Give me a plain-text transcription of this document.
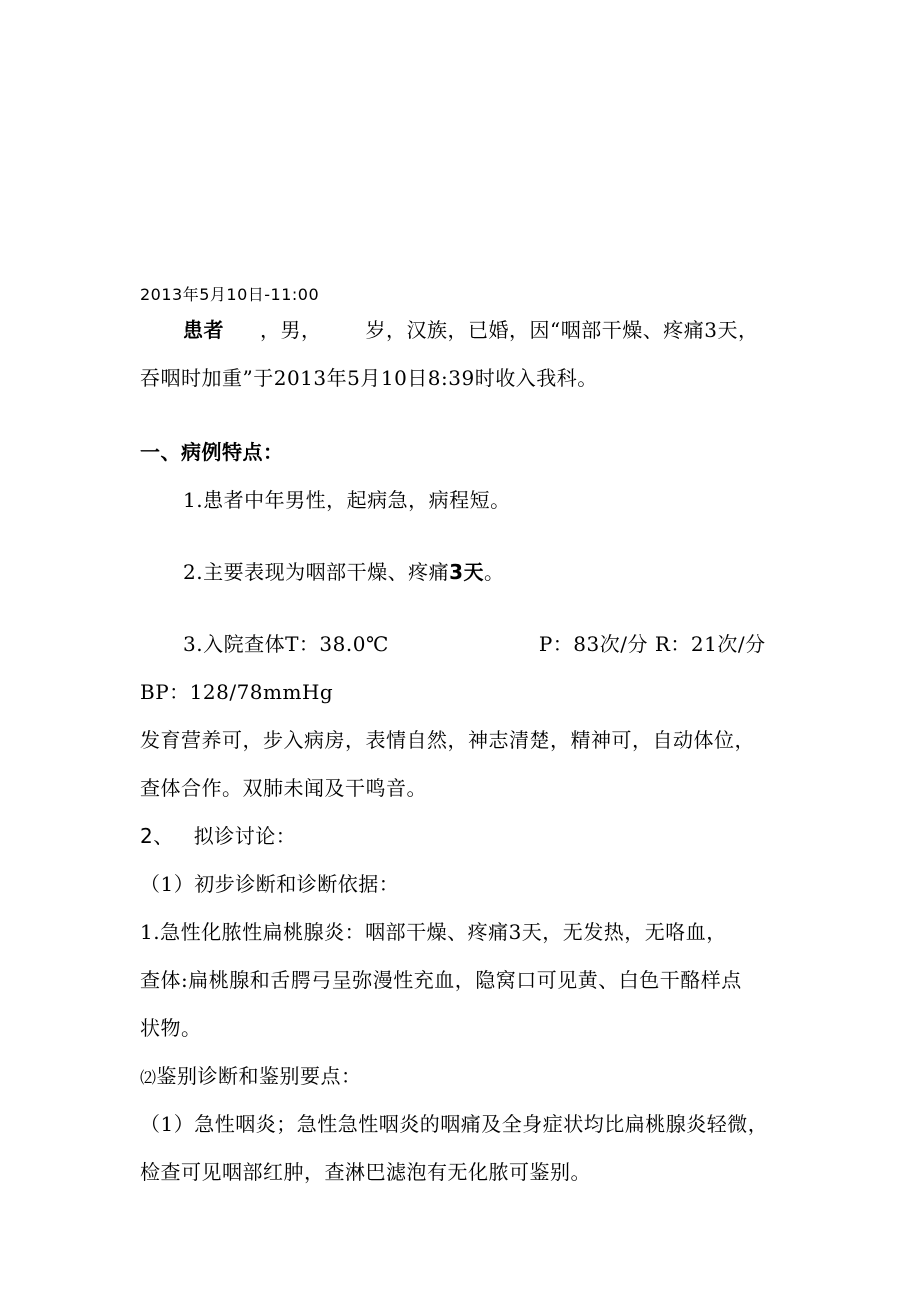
2013年5月10日-11:00
患者 ，男， 岁，汉族，已婚，因“咽部干燥、疼痛3天，
吞咽时加重”于2013年5月10日8:39时收入我科。
一、病例特点：
1.患者中年男性，起病急，病程短。
2.主要表现为咽部干燥、疼痛3天。
3.入院查体T：38.0℃	P：83次/分 R：21次/分
BP：128/78mmHg
发育营养可，步入病房，表情自然，神志清楚，精神可，自动体位，
查体合作。双肺未闻及干鸣音。
2、 拟诊讨论：
（1）初步诊断和诊断依据：
1.急性化脓性扁桃腺炎：咽部干燥、疼痛3天，无发热，无咯血，
查体:扁桃腺和舌腭弓呈弥漫性充血，隐窝口可见黄、白色干酪样点
状物。
⑵鉴别诊断和鉴别要点：
（1）急性咽炎；急性急性咽炎的咽痛及全身症状均比扁桃腺炎轻微，
检查可见咽部红肿，查淋巴滤泡有无化脓可鉴别。
